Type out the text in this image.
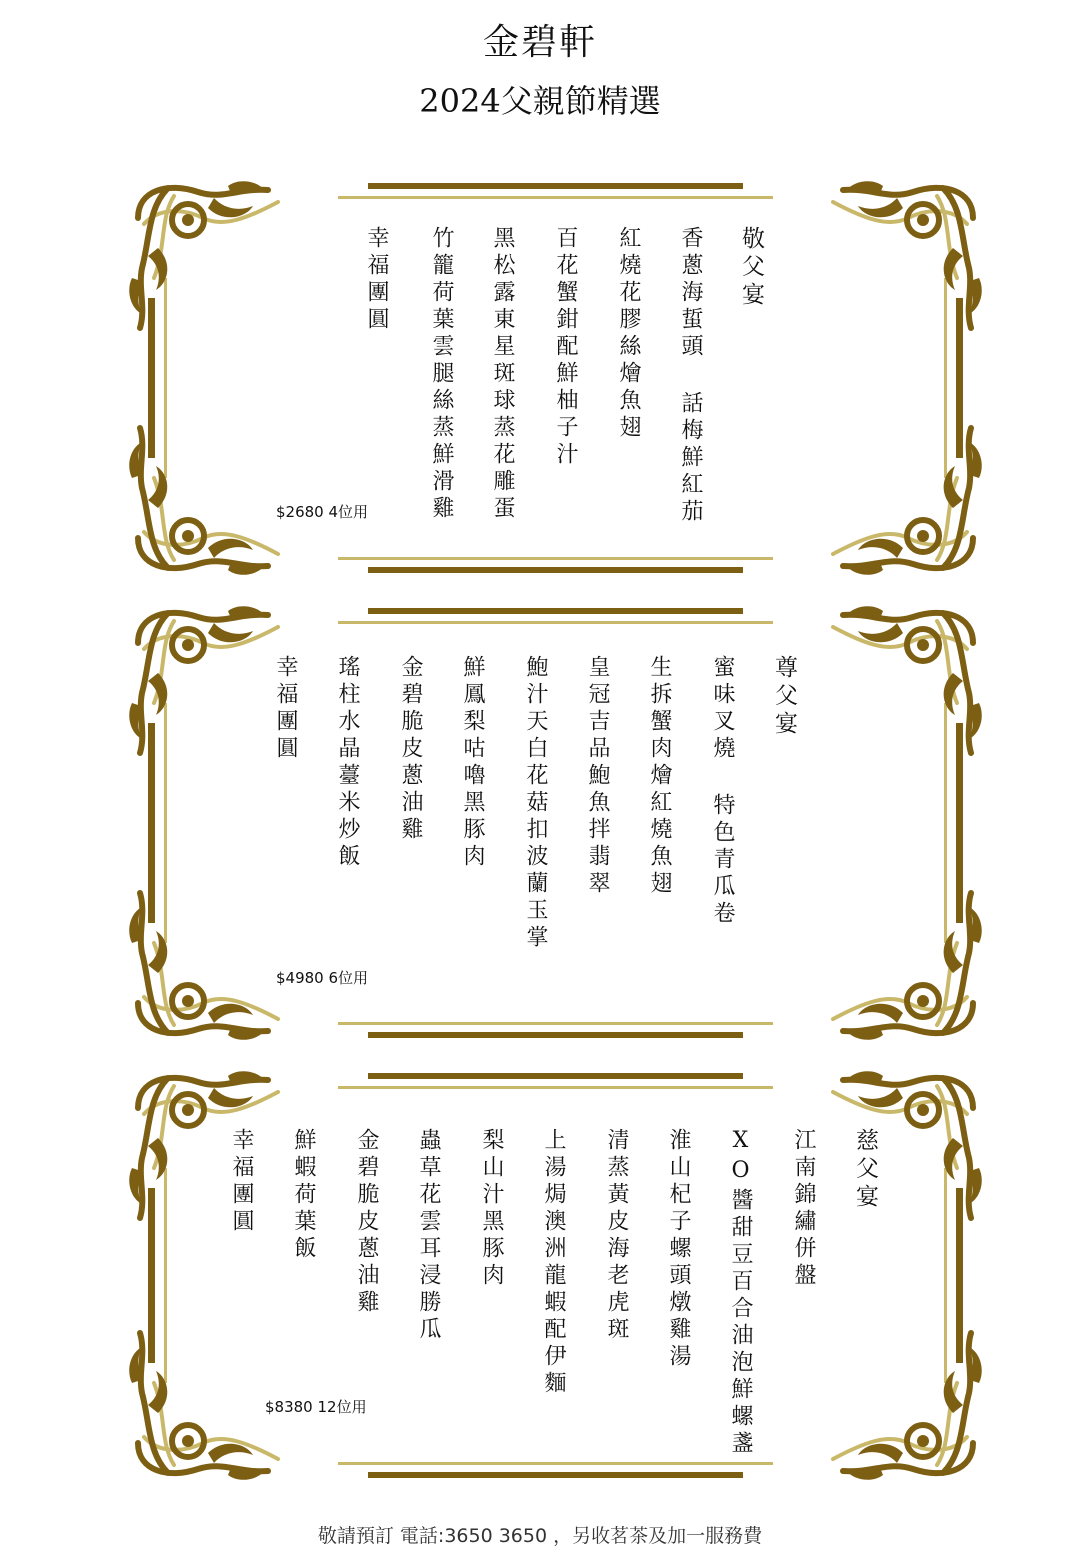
金碧軒
2024父親節精選
敬父宴
香蔥海蜇頭 話梅鮮紅茄
紅燒花膠絲燴魚翅
百花蟹鉗配鮮柚子汁
黑松露東星斑球蒸花雕蛋
竹籠荷葉雲腿絲蒸鮮滑雞
幸福團圓
$2680 4位用
尊父宴
蜜味叉燒 特色青瓜卷
生拆蟹肉燴紅燒魚翅
皇冠吉品鮑魚拌翡翠
鮑汁天白花菇扣波蘭玉掌
鮮鳳梨咕嚕黑豚肉
金碧脆皮蔥油雞
瑤柱水晶薹米炒飯
幸福團圓
$4980 6位用
慈父宴
江南錦繡併盤
XO醬甜豆百合油泡鮮螺盞
淮山杞子螺頭燉雞湯
清蒸黃皮海老虎斑
上湯焗澳洲龍蝦配伊麵
梨山汁黑豚肉
蟲草花雲耳浸勝瓜
金碧脆皮蔥油雞
鮮蝦荷葉飯
幸福團圓
$8380 12位用
敬請預訂 電話:3650 3650 ，另收茗茶及加一服務費
